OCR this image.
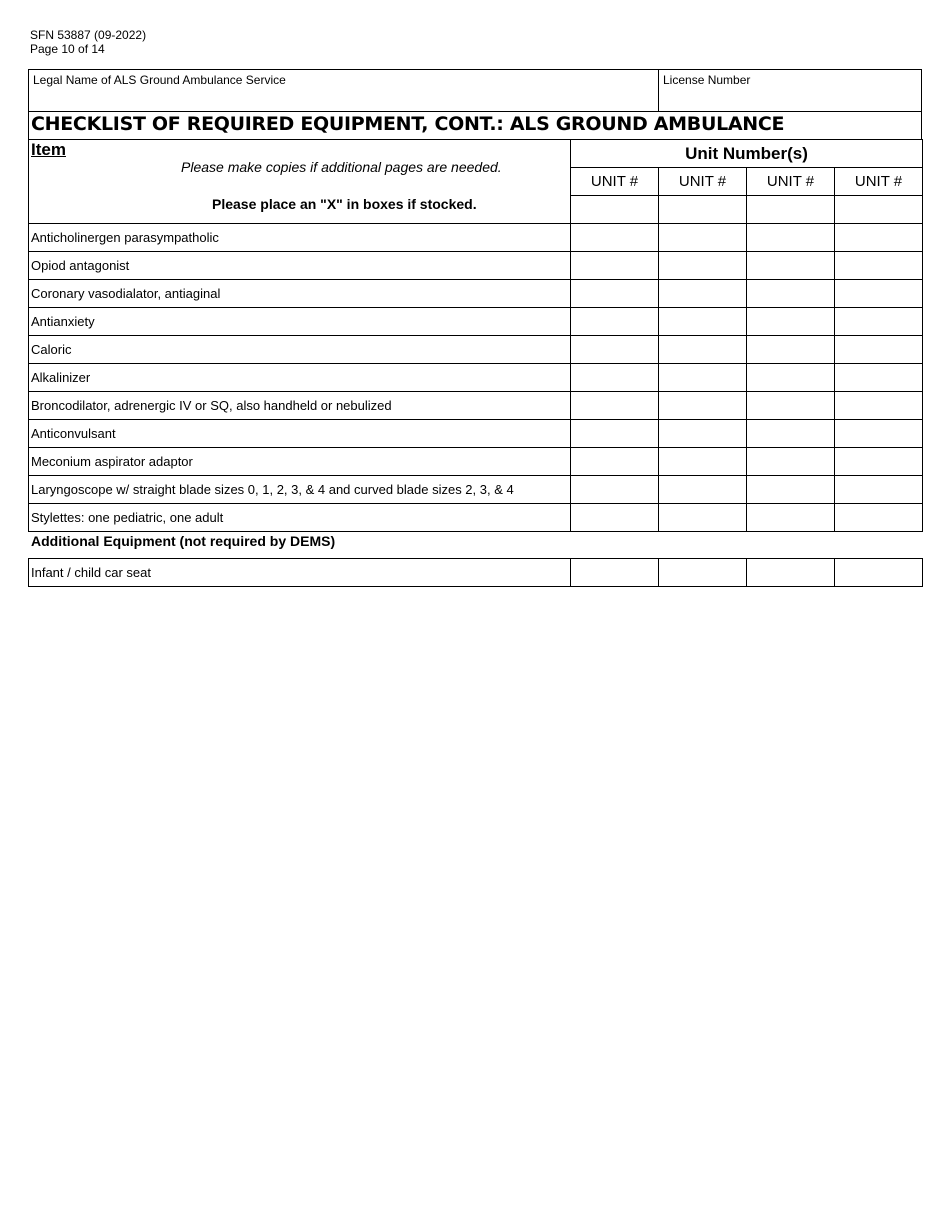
SFN 53887 (09-2022)
Page 10 of 14
Legal Name of ALS Ground Ambulance Service	License Number
CHECKLIST OF REQUIRED EQUIPMENT, CONT.: ALS GROUND AMBULANCE
Item
Please make copies if additional pages are needed.
Please place an "X" in boxes if stocked.	Unit Number(s)			
	UNIT #	UNIT #	UNIT #	UNIT #

Anticholinergen parasympatholic				
Opiod antagonist				
Coronary vasodialator, antiaginal				
Antianxiety				
Caloric				
Alkalinizer				
Broncodilator, adrenergic IV or SQ, also handheld or nebulized				
Anticonvulsant				
Meconium aspirator adaptor				
Laryngoscope w/ straight blade sizes 0, 1, 2, 3, & 4 and curved blade sizes 2, 3, & 4				
Stylettes: one pediatric, one adult				
Additional Equipment (not required by DEMS)
Infant / child car seat				
